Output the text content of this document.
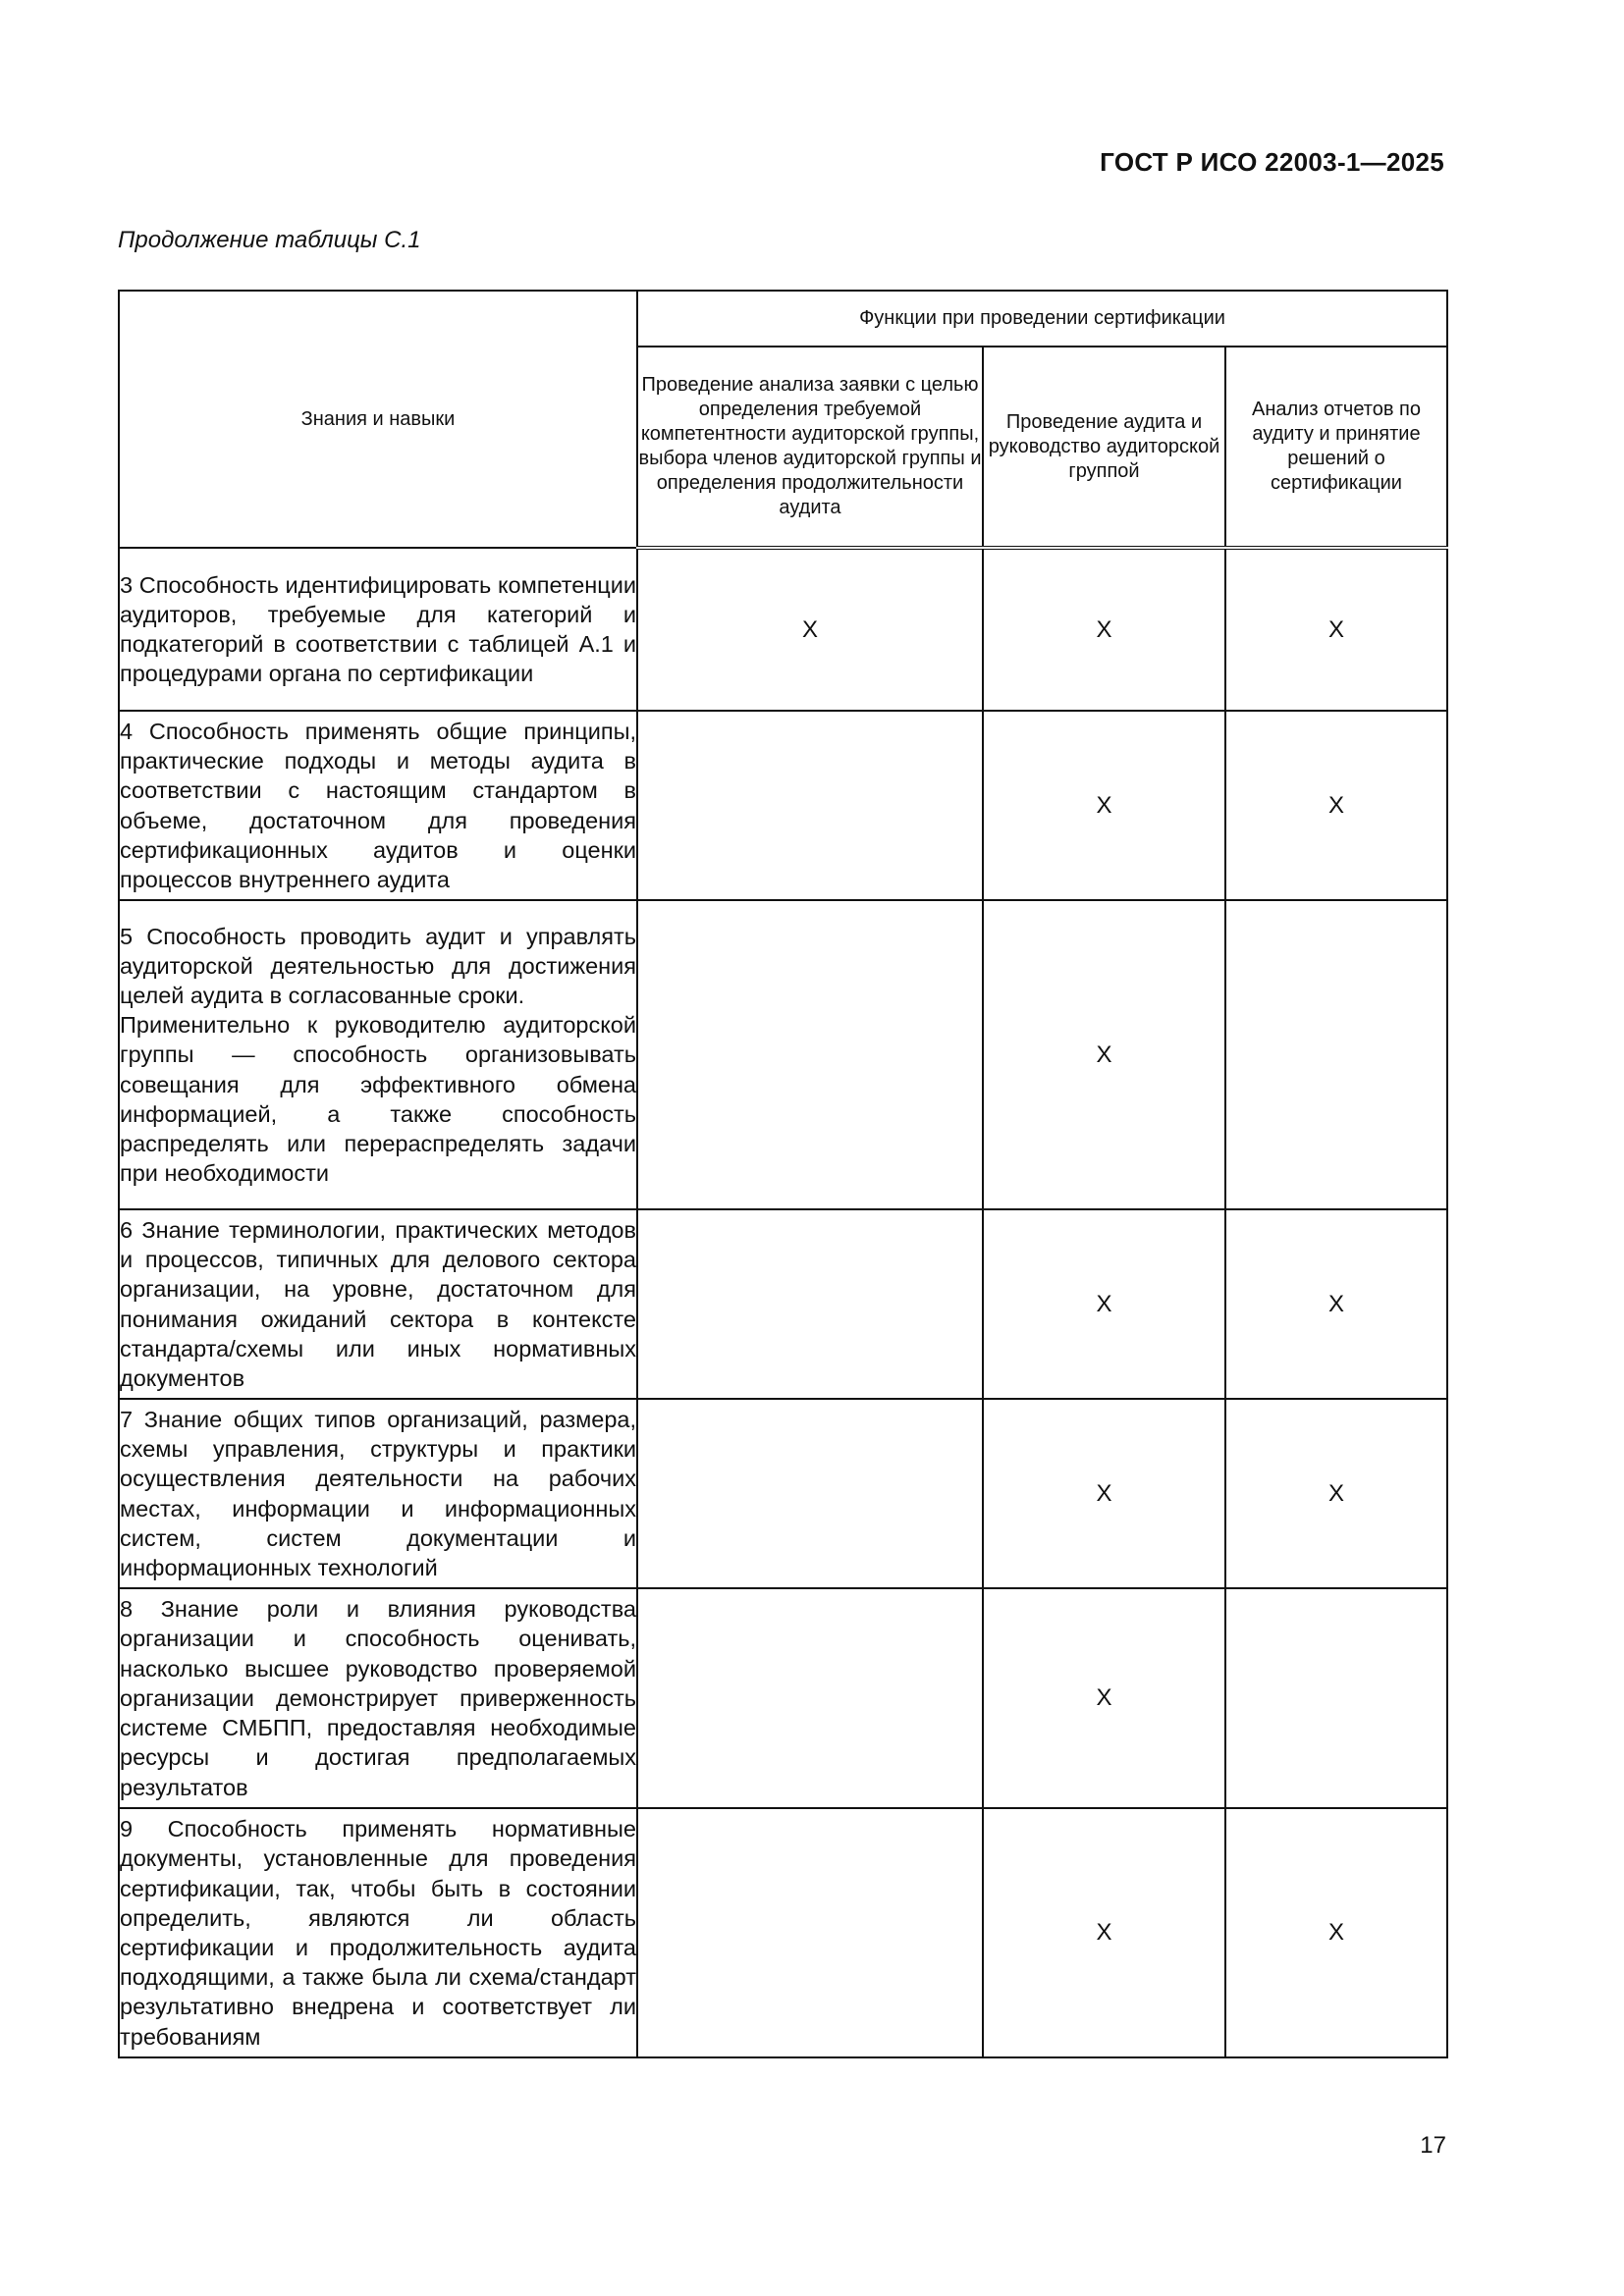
ГОСТ Р ИСО 22003-1—2025
Продолжение таблицы С.1
Знания и навыки	Функции при проведении сертификации		
	Проведение анализа заявки с целью определения требуемой компетентности аудиторской группы, выбора членов аудиторской группы и определения продолжительности аудита	Проведение аудита и руководство аудиторской группой	Анализ отчетов по аудиту и принятие решений о сертификации
3 Способность идентифицировать компетенции аудиторов, требуемые для категорий и подкатегорий в соответствии с таблицей А.1 и процедурами органа по сертификации	X	X	X
4 Способность применять общие принципы, практические подходы и методы аудита в соответствии с настоящим стандартом в объеме, достаточном для проведения сертификационных аудитов и оценки процессов внутреннего аудита		X	X
5 Способность проводить аудит и управлять аудиторской деятельностью для достижения целей аудита в согласованные сроки.
Применительно к руководителю аудиторской группы — способность организовывать совещания для эффективного обмена информацией, а также способность распределять или перераспределять задачи при необходимости		X	
6 Знание терминологии, практических методов и процессов, типичных для делового сектора организации, на уровне, достаточном для понимания ожиданий сектора в контексте стандарта/схемы или иных нормативных документов		X	X
7 Знание общих типов организаций, размера, схемы управления, структуры и практики осуществления деятельности на рабочих местах, информации и информационных систем, систем документации и информационных технологий		X	X
8 Знание роли и влияния руководства организации и способность оценивать, насколько высшее руководство проверяемой организации демонстрирует приверженность системе СМБПП, предоставляя необходимые ресурсы и достигая предполагаемых результатов		X	
9 Способность применять нормативные документы, установленные для проведения сертификации, так, чтобы быть в состоянии определить, являются ли область сертификации и продолжительность аудита подходящими, а также была ли схема/стандарт результативно внедрена и соответствует ли требованиям		X	X
17
